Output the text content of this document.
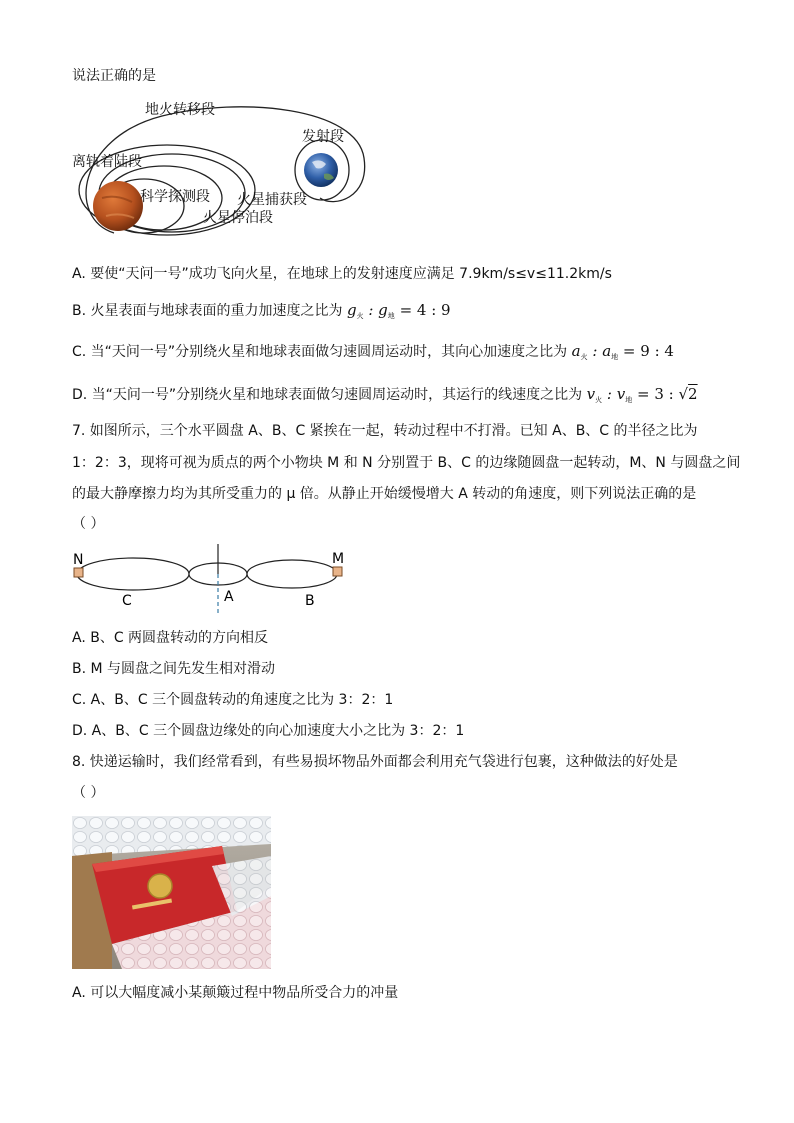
说法正确的是
地火转移段
发射段
离轨着陆段
科学探测段 火星捕获段
火星停泊段
A. 要使“天问一号”成功飞向火星，在地球上的发射速度应满足 7.9km/s≤v≤11.2km/s
B. 火星表面与地球表面的重力加速度之比为 $g_火$ : $g_地 = 4$ : 9
C. 当“天问一号”分别绕火星和地球表面做匀速圆周运动时，其向心加速度之比为 $a_火$ : $a_地 = 9$ : 4
D. 当“天问一号”分别绕火星和地球表面做匀速圆周运动时，其运行的线速度之比为 $v_火$ : $v_地 = 3$ : √2
7. 如图所示，三个水平圆盘 A、B、C 紧挨在一起，转动过程中不打滑。已知 A、B、C 的半径之比为
1：2：3，现将可视为质点的两个小物块 M 和 N 分别置于 B、C 的边缘随圆盘一起转动，M、N 与圆盘之间
的最大静摩擦力均为其所受重力的 μ 倍。从静止开始缓慢增大 A 转动的角速度，则下列说法正确的是
（ ）
N	M
C	A	B
A. B、C 两圆盘转动的方向相反
B. M 与圆盘之间先发生相对滑动
C. A、B、C 三个圆盘转动的角速度之比为 3：2：1
D. A、B、C 三个圆盘边缘处的向心加速度大小之比为 3：2：1
8. 快递运输时，我们经常看到，有些易损坏物品外面都会利用充气袋进行包裹，这种做法的好处是
（ ）
A. 可以大幅度减小某颠簸过程中物品所受合力的冲量
